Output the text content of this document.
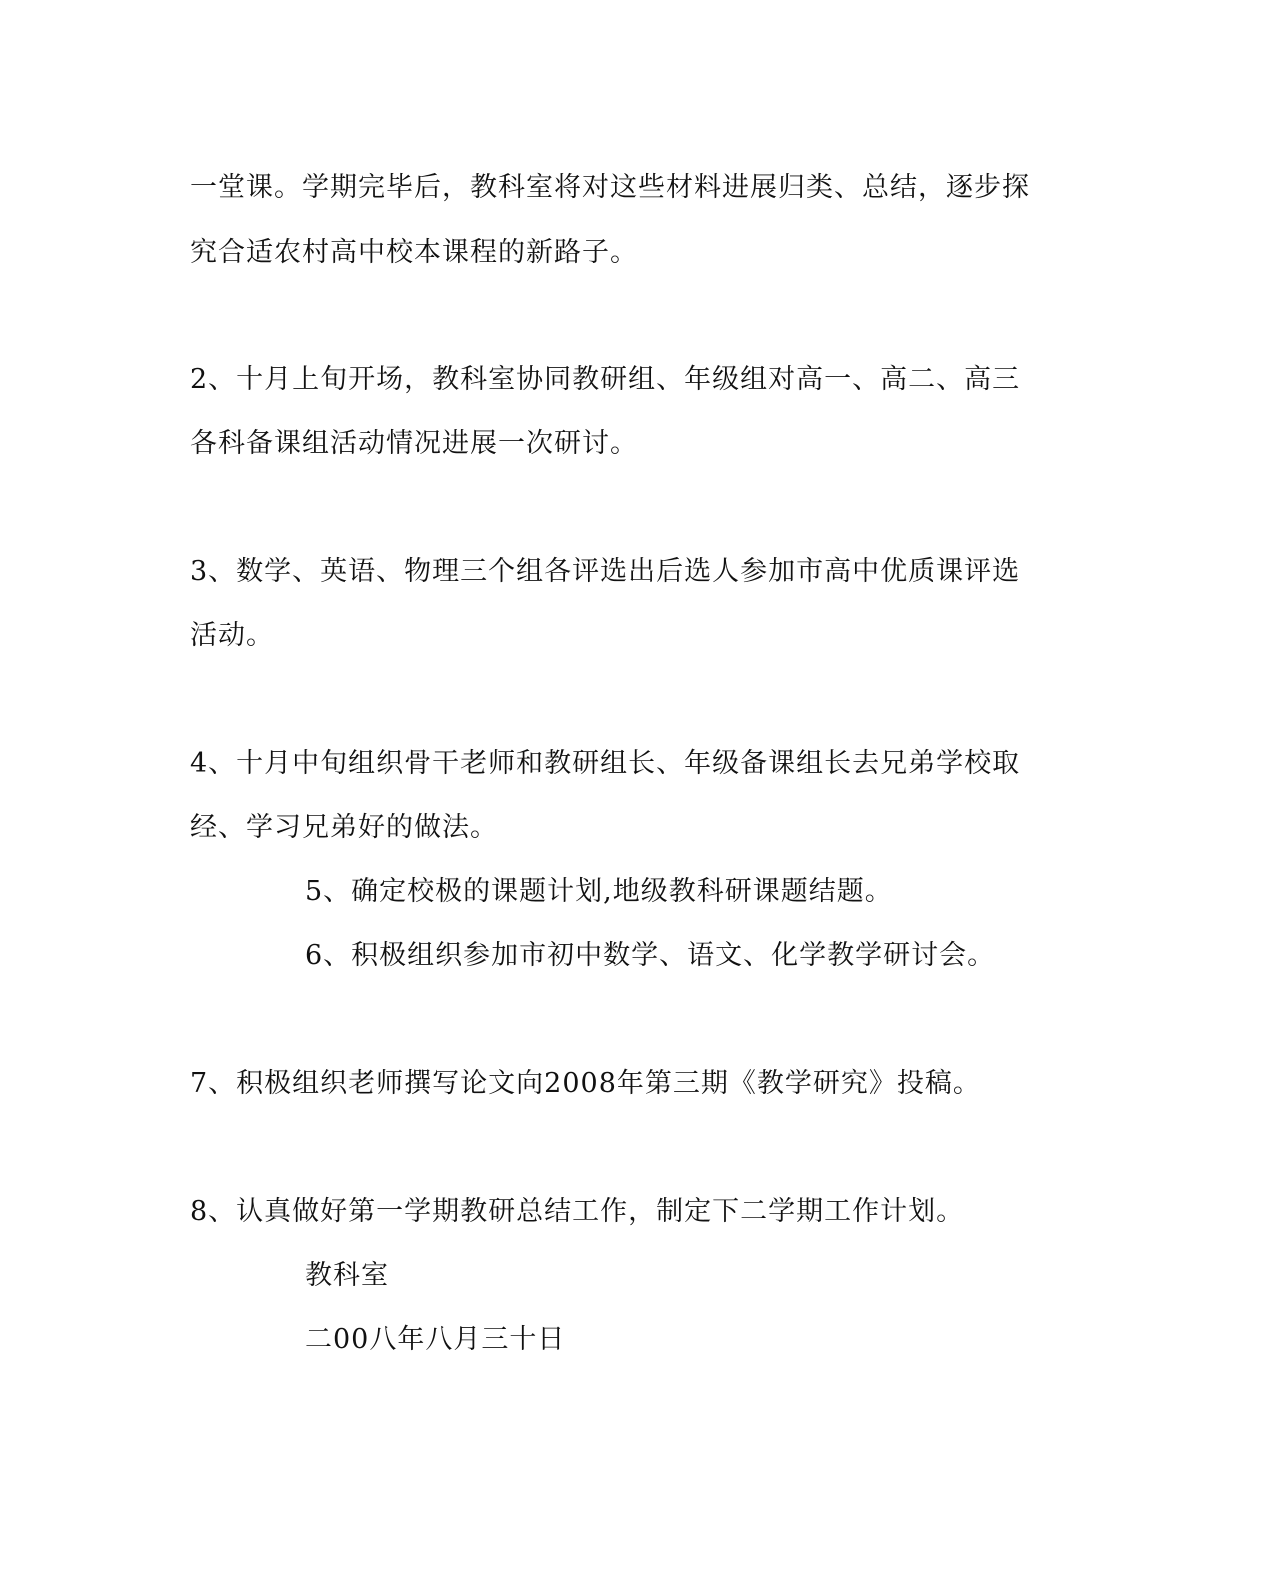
一堂课。学期完毕后，教科室将对这些材料进展归类、总结，逐步探
究合适农村高中校本课程的新路子。
2、十月上旬开场，教科室协同教研组、年级组对高一、高二、高三
各科备课组活动情况进展一次研讨。
3、数学、英语、物理三个组各评选出后选人参加市高中优质课评选
活动。
4、十月中旬组织骨干老师和教研组长、年级备课组长去兄弟学校取
经、学习兄弟好的做法。
5、确定校极的课题计划,地级教科研课题结题。
6、积极组织参加市初中数学、语文、化学教学研讨会。
7、积极组织老师撰写论文向2008年第三期《教学研究》投稿。
8、认真做好第一学期教研总结工作，制定下二学期工作计划。
教科室
二00八年八月三十日
